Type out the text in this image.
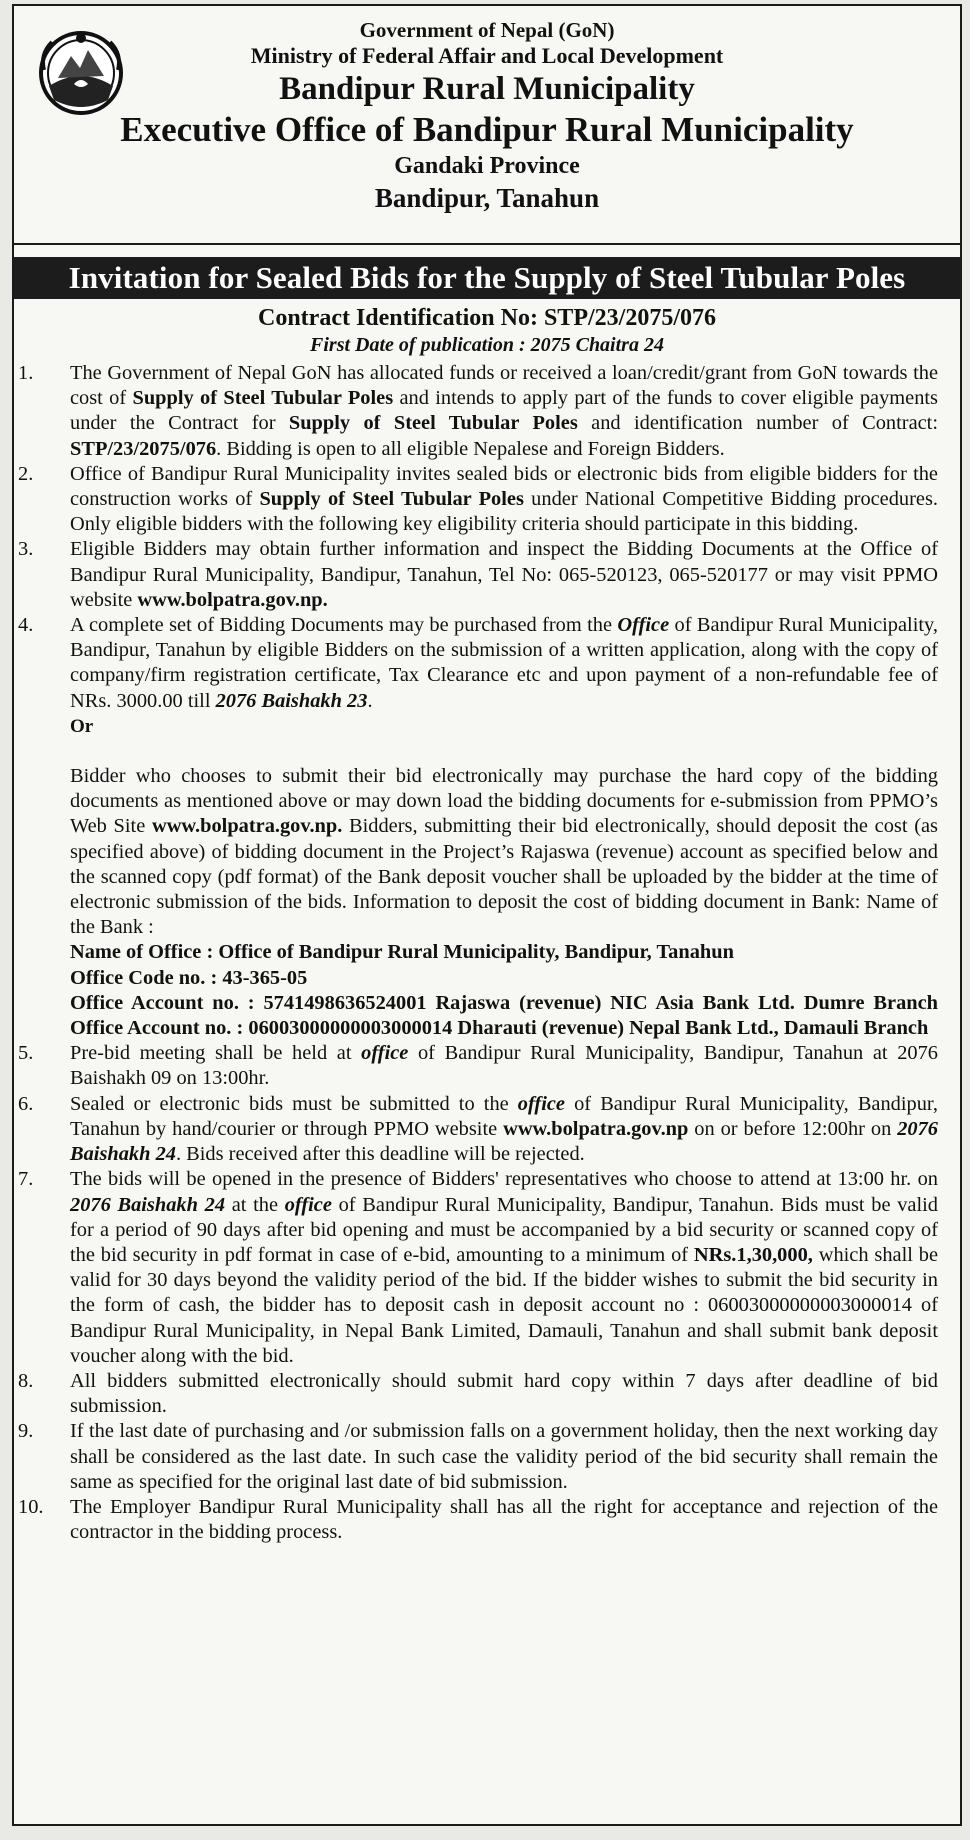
Government of Nepal (GoN)
Ministry of Federal Affair and Local Development
Bandipur Rural Municipality
Executive Office of Bandipur Rural Municipality
Gandaki Province
Bandipur, Tanahun
Invitation for Sealed Bids for the Supply of Steel Tubular Poles
Contract Identification No: STP/23/2075/076
First Date of publication : 2075 Chaitra 24
1. The Government of Nepal GoN has allocated funds or received a loan/credit/grant from GoN towards the cost of Supply of Steel Tubular Poles and intends to apply part of the funds to cover eligible payments under the Contract for Supply of Steel Tubular Poles and identification number of Contract: STP/23/2075/076. Bidding is open to all eligible Nepalese and Foreign Bidders.
2. Office of Bandipur Rural Municipality invites sealed bids or electronic bids from eligible bidders for the construction works of Supply of Steel Tubular Poles under National Competitive Bidding procedures. Only eligible bidders with the following key eligibility criteria should participate in this bidding.
3. Eligible Bidders may obtain further information and inspect the Bidding Documents at the Office of Bandipur Rural Municipality, Bandipur, Tanahun, Tel No: 065-520123, 065-520177 or may visit PPMO website www.bolpatra.gov.np.
4. A complete set of Bidding Documents may be purchased from the Office of Bandipur Rural Municipality, Bandipur, Tanahun by eligible Bidders on the submission of a written application, along with the copy of company/firm registration certificate, Tax Clearance etc and upon payment of a non-refundable fee of NRs. 3000.00 till 2076 Baishakh 23.
Or

Bidder who chooses to submit their bid electronically may purchase the hard copy of the bidding documents as mentioned above or may down load the bidding documents for e-submission from PPMO’s Web Site www.bolpatra.gov.np. Bidders, submitting their bid electronically, should deposit the cost (as specified above) of bidding document in the Project’s Rajaswa (revenue) account as specified below and the scanned copy (pdf format) of the Bank deposit voucher shall be uploaded by the bidder at the time of electronic submission of the bids. Information to deposit the cost of bidding document in Bank: Name of the Bank :
Name of Office : Office of Bandipur Rural Municipality, Bandipur, Tanahun
Office Code no. : 43-365-05
Office Account no. : 5741498636524001 Rajaswa (revenue) NIC Asia Bank Ltd. Dumre Branch Office Account no. : 06003000000003000014 Dharauti (revenue) Nepal Bank Ltd., Damauli Branch
5. Pre-bid meeting shall be held at office of Bandipur Rural Municipality, Bandipur, Tanahun at 2076 Baishakh 09 on 13:00hr.
6. Sealed or electronic bids must be submitted to the office of Bandipur Rural Municipality, Bandipur, Tanahun by hand/courier or through PPMO website www.bolpatra.gov.np on or before 12:00hr on 2076 Baishakh 24. Bids received after this deadline will be rejected.
7. The bids will be opened in the presence of Bidders' representatives who choose to attend at 13:00 hr. on 2076 Baishakh 24 at the office of Bandipur Rural Municipality, Bandipur, Tanahun. Bids must be valid for a period of 90 days after bid opening and must be accompanied by a bid security or scanned copy of the bid security in pdf format in case of e-bid, amounting to a minimum of NRs.1,30,000, which shall be valid for 30 days beyond the validity period of the bid. If the bidder wishes to submit the bid security in the form of cash, the bidder has to deposit cash in deposit account no : 06003000000003000014 of Bandipur Rural Municipality, in Nepal Bank Limited, Damauli, Tanahun and shall submit bank deposit voucher along with the bid.
8. All bidders submitted electronically should submit hard copy within 7 days after deadline of bid submission.
9. If the last date of purchasing and /or submission falls on a government holiday, then the next working day shall be considered as the last date. In such case the validity period of the bid security shall remain the same as specified for the original last date of bid submission.
10. The Employer Bandipur Rural Municipality shall has all the right for acceptance and rejection of the contractor in the bidding process.
